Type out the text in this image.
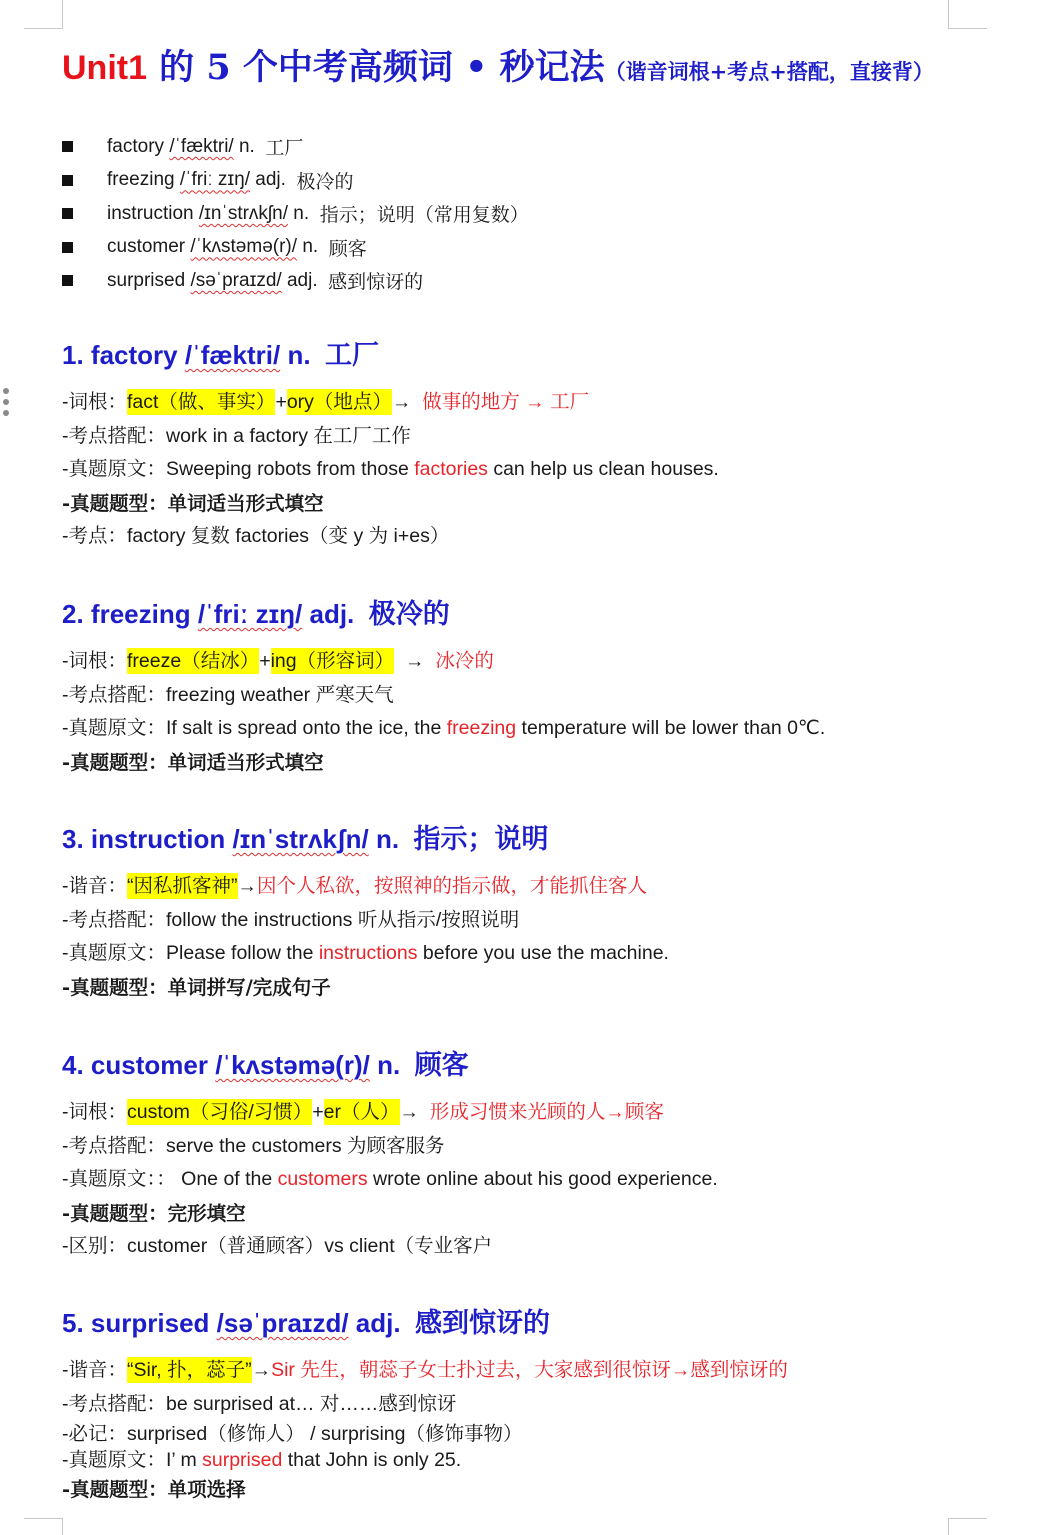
Unit1 的 5 个中考高频词 • 秒记法（谐音词根+考点+搭配，直接背）
factory
/ˈfæktri/
n.
工厂
freezing
/ˈfriː zɪŋ/
adj.
极冷的
instruction
/ɪnˈstrʌkʃn/
n.
指示；说明（常用复数）
customer
/ˈkʌstəmə(r)/
n.
顾客
surprised
/səˈpraɪzd/
adj.
感到惊讶的
1. factory /ˈfæktri/ n. 工厂
-词根：fact（做、事实）+ory（地点）→ 做事的地方 → 工厂
-考点搭配：work in a factory 在工厂工作
-真题原文：Sweeping robots from those factories can help us clean houses.
-真题题型：单词适当形式填空
-考点：factory 复数 factories（变 y 为 i+es）
2. freezing /ˈfriː zɪŋ/ adj. 极冷的
-词根：freeze（结冰）+ing（形容词） → 冰冷的
-考点搭配：freezing weather 严寒天气
-真题原文：If salt is spread onto the ice, the freezing temperature will be lower than 0℃.
-真题题型：单词适当形式填空
3. instruction /ɪnˈstrʌkʃn/ n. 指示；说明
-谐音：“因私抓客神”→因个人私欲，按照神的指示做，才能抓住客人
-考点搭配：follow the instructions 听从指示/按照说明
-真题原文：Please follow the instructions before you use the machine.
-真题题型：单词拼写/完成句子
4. customer /ˈkʌstəmə(r)/ n. 顾客
-词根：custom（习俗/习惯）+er（人）→ 形成习惯来光顾的人→顾客
-考点搭配：serve the customers 为顾客服务
-真题原文：： One of the customers wrote online about his good experience.
-真题题型：完形填空
-区别：customer（普通顾客）vs client（专业客户
5. surprised /səˈpraɪzd/ adj. 感到惊讶的
-谐音：“Sir, 扑，蕊子”→Sir 先生，朝蕊子女士扑过去，大家感到很惊讶→感到惊讶的
-考点搭配：be surprised at… 对……感到惊讶
-必记：surprised（修饰人） / surprising（修饰事物）
-真题原文：I’ m surprised that John is only 25.
-真题题型：单项选择
